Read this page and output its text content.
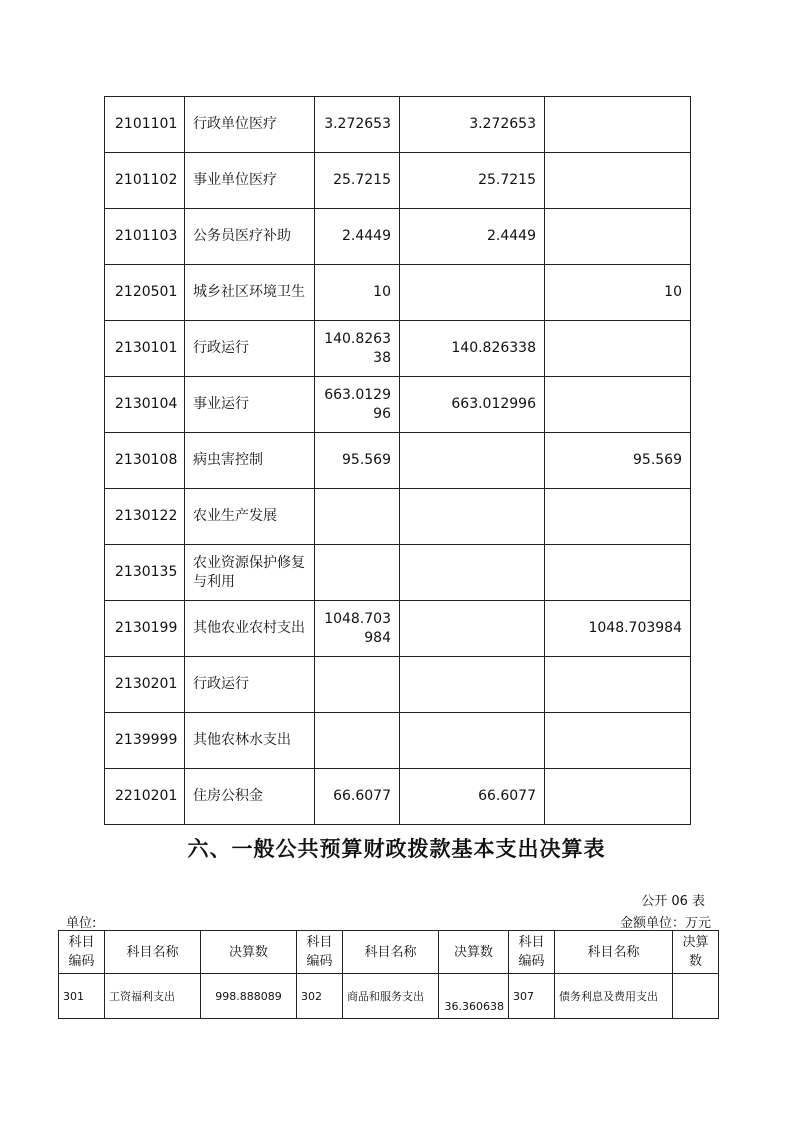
2101101	行政单位医疗	3.272653	3.272653	
2101102	事业单位医疗	25.7215	25.7215	
2101103	公务员医疗补助	2.4449	2.4449	
2120501	城乡社区环境卫生	10		10
2130101	行政运行	140.826338	140.826338	
2130104	事业运行	663.012996	663.012996	
2130108	病虫害控制	95.569		95.569
2130122	农业生产发展			
2130135	农业资源保护修复与利用			
2130199	其他农业农村支出	1048.703984		1048.703984
2130201	行政运行			
2139999	其他农林水支出			
2210201	住房公积金	66.6077	66.6077	
六、一般公共预算财政拨款基本支出决算表
公开 06 表
单位:	金额单位：万元
科目编码	科目名称	决算数	科目编码	科目名称	决算数	科目编码	科目名称	决算数
301	工资福利支出	998.888089	302	商品和服务支出	36.360638	307	债务利息及费用支出	
